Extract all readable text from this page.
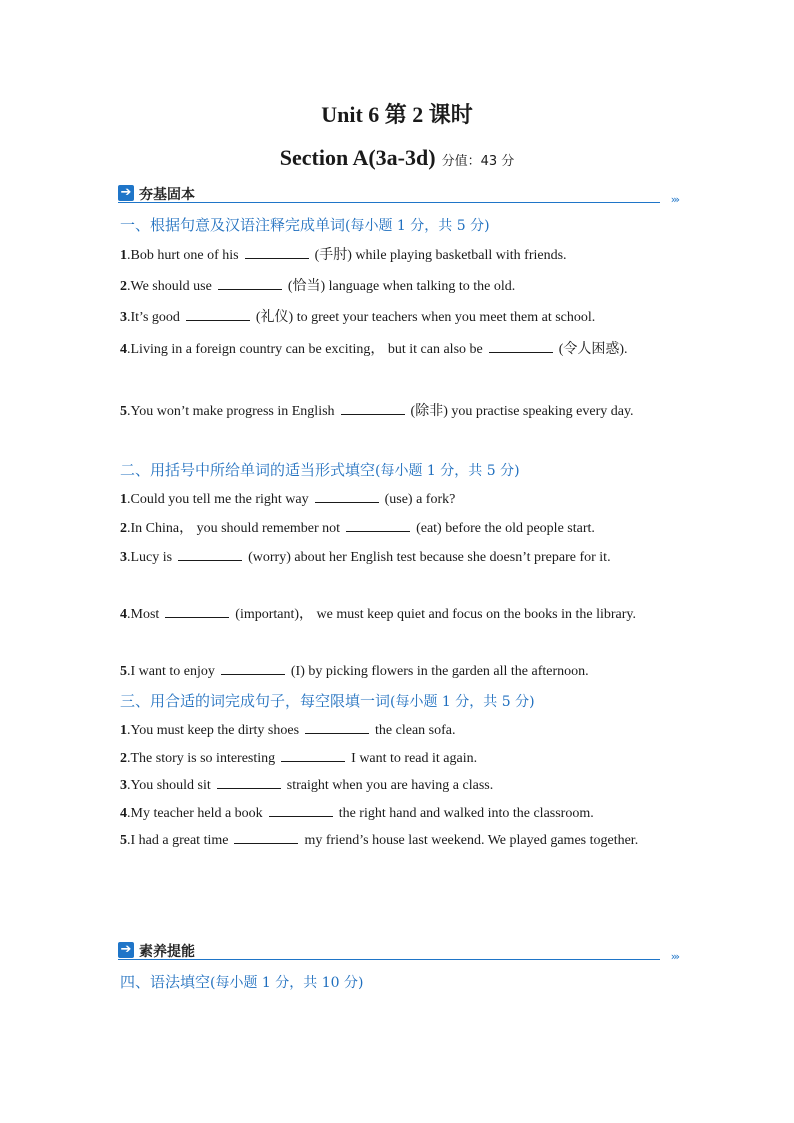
Unit 6 第 2 课时
Section A(3a-3d) 分值：43 分
➔ 夯基固本	›››
一、根据句意及汉语注释完成单词(每小题 1 分，共 5 分)
1.Bob hurt one of his	(手肘) while playing basketball with friends.
2.We should use	(恰当) language when talking to the old.
3.It’s good	(礼仪) to greet your teachers when you meet them at school.
4.Living in a foreign country can be exciting， but it can also be	(令人困惑).
5.You won’t make progress in English	(除非) you practise speaking every day.
二、用括号中所给单词的适当形式填空(每小题 1 分，共 5 分)
1.Could you tell me the right way	(use) a fork?
2.In China， you should remember not	(eat) before the old people start.
3.Lucy is	(worry) about her English test because she doesn’t prepare for it.
4.Most	(important)， we must keep quiet and focus on the books in the library.
5.I want to enjoy	(I) by picking flowers in the garden all the afternoon.
三、用合适的词完成句子，每空限填一词(每小题 1 分，共 5 分)
1.You must keep the dirty shoes	the clean sofa.
2.The story is so interesting	I want to read it again.
3.You should sit	straight when you are having a class.
4.My teacher held a book	the right hand and walked into the classroom.
5.I had a great time	my friend’s house last weekend. We played games together.
➔ 素养提能	›››
四、语法填空(每小题 1 分，共 10 分)
